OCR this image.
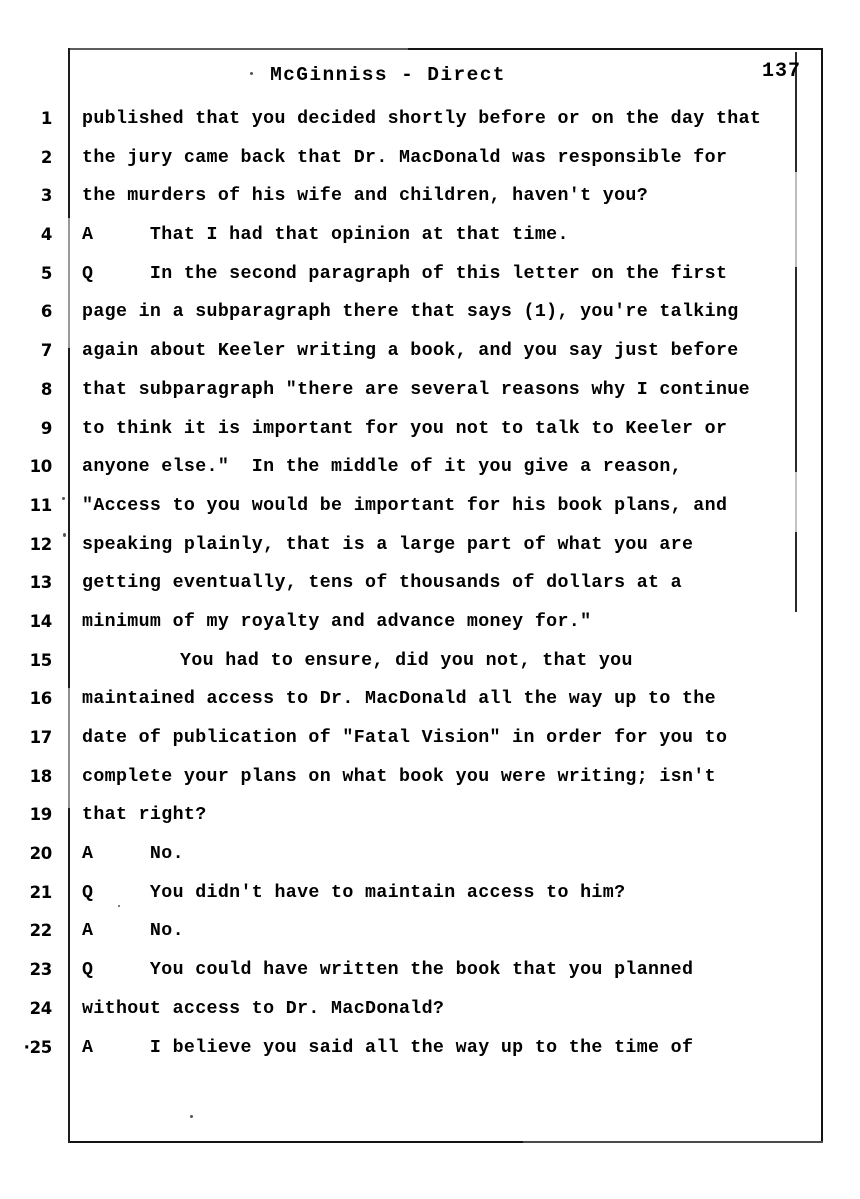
McGinniss - Direct	137
1 published that you decided shortly before or on the day that
2 the jury came back that Dr. MacDonald was responsible for
3 the murders of his wife and children, haven't you?
4 A     That I had that opinion at that time.
5 Q     In the second paragraph of this letter on the first
6 page in a subparagraph there that says (1), you're talking
7 again about Keeler writing a book, and you say just before
8 that subparagraph "there are several reasons why I continue
9 to think it is important for you not to talk to Keeler or
10 anyone else."  In the middle of it you give a reason,
11 "Access to you would be important for his book plans, and
12 speaking plainly, that is a large part of what you are
13 getting eventually, tens of thousands of dollars at a
14 minimum of my royalty and advance money for."
15	You had to ensure, did you not, that you
16 maintained access to Dr. MacDonald all the way up to the
17 date of publication of "Fatal Vision" in order for you to
18 complete your plans on what book you were writing; isn't
19 that right?
20 A     No.
21 Q     You didn't have to maintain access to him?
22 A     No.
23 Q     You could have written the book that you planned
24 without access to Dr. MacDonald?
·25 A     I believe you said all the way up to the time of
